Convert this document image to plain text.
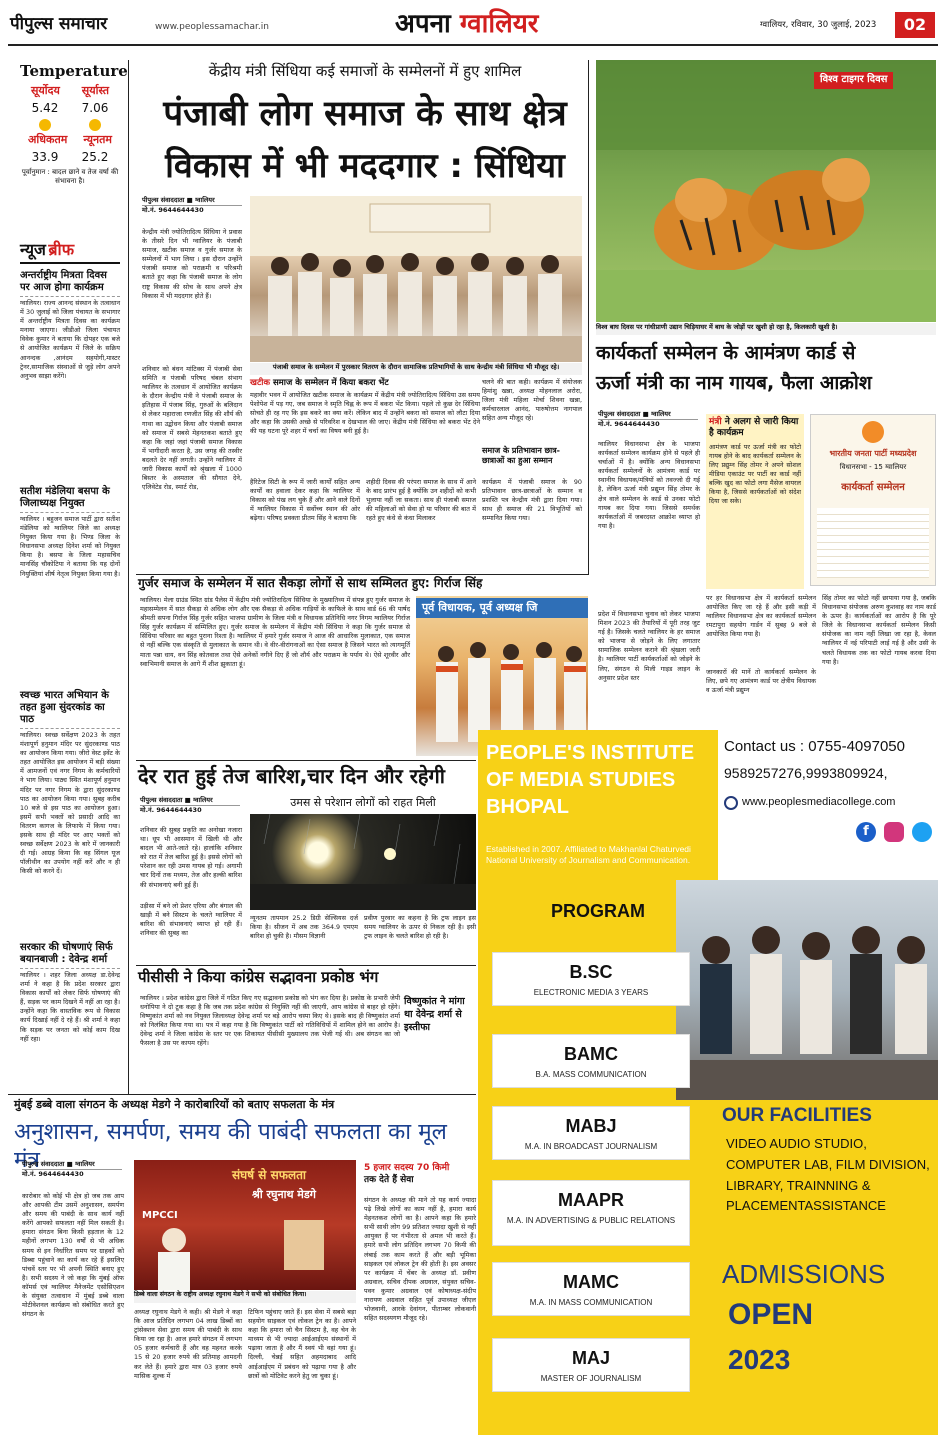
पीपुल्स समाचार	www.peoplessamachar.in	अपना ग्वालियर	ग्वालियर, रविवार, 30 जुलाई, 2023	02
Temperature
सूर्योदय सूर्यास्त
5.42 7.06
अधिकतम न्यूनतम
33.9 25.2
पूर्वानुमान : बादल छाने व तेज वर्षा की संभावना है।
न्यूज ब्रीफ
अन्तर्राष्ट्रीय मित्रता दिवस पर आज होगा कार्यक्रम
ग्वालियर। राज्य आनन्द संस्थान के तत्वाधान में 30 जुलाई को जिला पंचायत के सभागार में अन्तर्राष्ट्रीय मित्रता दिवस का कार्यक्रम मनाया जाएगा। जीडीओ जिला पंचायत विवेक कुमार ने बताया कि दोपहर एक बजे से आयोजित कार्यक्रम में जिले के सक्रिय आनन्दक ,आनंदम सहयोगी,मास्टर ट्रेनर,सामाजिक संस्थाओं से जुड़े लोग अपने अनुभव साझा करेंगे।
सतीश मंडेलिया बसपा के जिलाध्यक्ष नियुक्त
ग्वालियर । बहुजन समाज पार्टी द्वारा सतीश मंडेलिया को ग्वालियर जिले का अध्यक्ष नियुक्त किया गया है। भिण्ड जिला के विधानसभा अध्यक्ष दिनेश शर्मा को नियुक्त किया है। बसपा के जिला महासचिव मानसिंह चौकोटिया ने बताया कि यह दोनों नियुक्तियां शीर्ष नेतृत्व नियुक्त किया गया है।
स्वच्छ भारत अभियान के तहत हुआ सुंदरकांड का पाठ
ग्वालियर। स्वच्छ सर्वेक्षण 2023 के तहत मंशापूर्ण हनुमान मंदिर पर सुंदरकाण्ड पाठ का आयोजन किया गया। जीरो वेस्ट इवेंट के तहत आयोजित इस आयोजन में बड़ी संख्या में आमजनों एवं नगर निगम के कर्मचारियों ने भाग लिया। पाठ्य स्थित मंशापूर्ण हनुमान मंदिर पर नगर निगम के द्वारा सुंदरकाण्ड पाठ का आयोजन किया गया। सुबह करीब 10 बजे से इस पाठ का आयोजन हुआ। इसमें सभी भक्तों को प्रसादी आदि का वितरण कागज के लिफाफे में किया गया। इसके साथ ही मंदिर पर आए भक्तों को स्वच्छ सर्वेक्षण 2023 के बारे में जानकारी दी गई। आग्रह किया कि वह सिंगल यूज पॉलीथीन का उपयोग नहीं करें और न ही किसी को करने दें।
सरकार की घोषणाएं सिर्फ बयानबाजी : देवेन्द्र शर्मा
ग्वालियर । शहर जिला अध्यक्ष डा.देवेन्द्र शर्मा ने कहा है कि प्रदेश सरकार द्वारा विकास कार्यों को लेकर सिर्फ घोषणाएं की हैं, सड़क पर काम दिखने में नहीं आ रहा है। उन्होंने कहा कि वास्तविक रूप से विकास कार्य दिखाई नहीं दे रहे हैं। श्री शर्मा ने कहा कि सड़क पर जनता को कोई काम दिख नहीं रहा।
केंद्रीय मंत्री सिंधिया कई समाजों के सम्मेलनों में हुए शामिल
पंजाबी लोग समाज के साथ क्षेत्र
विकास में भी मददगार : सिंधिया
पीपुल्स संवाददाता ■ ग्वालियर
मो.नं. 9644644430
केन्द्रीय मंत्री ज्योतिरादित्य सिंधिया ने प्रवास के तीसरे दिन भी ग्वालियर के पंजाबी समाज, खटीक समाज व गुर्जर समाज के सम्मेलनों में भाग लिया । इस दौरान उन्होंने पंजाबी समाज को पराक्रमी व परिश्रमी बताते हुए कहा कि पंजाबी समाज के लोग राष्ट्र विकास की सोच के साथ अपने क्षेत्र विकास में भी मददगार होते हैं।
पंजाबी समाज के सम्मेलन में पुरस्कार वितरण के दौरान सामाजिक प्रतिभागियों के साथ केन्द्रीय मंत्री सिंधिया भी मौजूद रहे।
शनिवार को बंधन मांटिक्स में पंजाबी सेवा समिति व पंजाबी परिषद चंबल संभाग ग्वालियर के तत्वधान में आयोजित कार्यक्रम के दौरान केन्द्रीय मंत्री ने पंजाबी समाज के इतिहास में पंजाब सिंह, गुरुओं के बलिदान से लेकर महाराजा रणजीत सिंह की शौर्य की गाथा का उद्बोधन किया और पंजाबी समाज को समाज में सबसे मेहनतकश बताते हुए कहा कि जहां जहां पंजाबी समाज विकास में भागीदारी करता है, उस जगह की तस्वीर बदलते देर नहीं लगती। उन्होंने ग्वालियर में जारी विकास कार्यों को श्रृंखला में 1000 बिस्तर के अस्पताल की सौगात देने, एलिवेटेड रोड, स्मार्ट रोड,
खटीक समाज के सम्मेलन में किया बकरा भेंट
महावीर भवन में आयोजित खटीक समाज के कार्यक्रम में केंद्रीय मंत्री ज्योतिरादित्य सिंधिया उस समय पेशोपेश में पड़ गए, जब समाज ने स्मृति चिह्न के रूप में बकरा भेंट किया। पहले तो कुछ देर सिंधिया सोचते ही रह गए कि इस बकरे का क्या करें। लेकिन बाद में उन्होंने बकरा को समाज को लौटा दिया और कहा कि उसकी अच्छे से परिवरिश व देखभाल की जाए। केंद्रीय मंत्री सिंधिया को बकरा भेंट देने की यह घटना पूरे शहर में चर्चा का विषय बनी हुई है।
हैरिटेज सिटी के रूप में जारी कार्यों सहित अन्य कार्यों का हवाला देकर कहा कि ग्वालियर में विकास को पंख लग चुके हैं और आने वाले दिनों में ग्वालियर विकास में सर्वोच्च स्थान की ओर बढ़ेगा। परिषद प्रवक्ता प्रीतम सिंह ने बताया कि
शहीदी दिवस की परंपरा समाज के साथ में आने के बाद प्रारंभ हुई है क्योंकि उन शहीदों को कभी भुलाया नहीं जा सकता। साथ ही पंजाबी समाज की महिलाओं को सेवा हो या परिवार की बात में रहते हुए कंधे से कंधा मिलाकर
चलने की बात कही। कार्यक्रम में संयोजक हिमांशु खन्ना, अध्यक्ष मोहनलाल अरोरा, जिला मंत्री महिला मोर्चा शिवना खन्ना, कर्मचारलाल आनंद, पारुषोत्तम नागपाल सहित अन्य मौजूद रहे।
समाज के प्रतिभावान छात्र-छात्राओं का हुआ सम्मान
कार्यक्रम में पंजाबी समाज के 90 प्रतिभावान छात्र-छात्राओं के सम्मान व प्रशस्ति पत्र केन्द्रीय मंत्री द्वारा दिया गया। साथ ही समाज की 21 विभूतियों को सम्मानित किया गया।
विश्व टाइगर दिवस
विश्व बाघ दिवस पर गांधीप्राणी उद्यान चिड़ियाघर में बाघ के जोड़ों पर खुशी हो रहा है, किलकारी खुशी है।
कार्यकर्ता सम्मेलन के आमंत्रण कार्ड से
ऊर्जा मंत्री का नाम गायब, फैला आक्रोश
पीपुल्स संवाददाता ■ ग्वालियर
मो.नं. 9644644430
ग्वालियर विधानसभा क्षेत्र के भाजपा कार्यकर्ता सम्मेलन कार्यक्रम होने से पहले ही चर्चाओं में है। क्योंकि अन्य विधानसभा कार्यकर्ता सम्मेलनों के आमंत्रण कार्ड पर स्थानीय विधायक/मंत्रियों को तवज्जो दी गई है, लेकिन ऊर्जा मंत्री प्रद्युम्न सिंह तोमर के क्षेत्र वाले सम्मेलन के कार्ड से उनका फोटो गायब कर दिया गया। जिससे समर्थक कार्यकर्ताओं में जबरदस्त आक्रोश व्याप्त हो गया है।
प्रदेश में विधानसभा चुनाव को लेकर भाजपा मिशन 2023 की तैयारियों में पूरी तरह जुट गई है। जिसके चलते ग्वालियर के हर समाज को भाजपा से जोड़ने के लिए लगातार सामाजिक सम्मेलन कराने की श्रृंखला जारी है। ग्वालियर पार्टी कार्यकर्ताओं को जोड़ने के लिए, संगठन से मिली गाइड लाइन के अनुसार प्रदेश स्तर
मंत्री ने अलग से जारी किया है कार्यक्रम
आमंत्रण कार्ड पर ऊर्जा मंत्री का फोटो गायब होने के बाद कार्यकर्ता सम्मेलन के लिए प्रद्युम्न सिंह तोमर ने अपने सोशल मीडिया एकाउंट पर पार्टी का कार्ड नहीं बल्कि खुद का फोटो लगा मैसेज वायरल किया है, जिससे कार्यकर्ताओं को संदेश दिया जा सके।
भारतीय जनता पार्टी मध्यप्रदेश
विधानसभा - 15 ग्वालियर
कार्यकर्ता सम्मेलन
पर हर विधानसभा क्षेत्र में कार्यकर्ता सम्मेलन आयोजित किए जा रहे हैं और इसी कड़ी में ग्वालियर विधानसभा क्षेत्र का कार्यकर्ता सम्मेलन रमटापुरा सहयोग गार्डन में सुबह 9 बजे से आयोजित किया गया है।
जानकारों की मानें तो कार्यकर्ता सम्मेलन के लिए, छपे गए आमंत्रण कार्ड पर क्षेत्रीय विधायक व ऊर्जा मंत्री प्रद्युम्न
सिंह तोमर का फोटो नहीं छापाया गया है, जबकि विधानसभा संयोजक अरुण कुशवाह का नाम कार्ड के ऊपर है। कार्यकर्ताओं का आरोप है कि पूरे जिले के विधानसभा कार्यकर्ता सम्मेलन किसी संयोजक का नाम नहीं लिखा जा रहा है, केवल ग्वालियर में नई परिपाटी लाई गई है और उसी के चलते विधायक तक का फोटो गायब करवा दिया गया है।
गुर्जर समाज के सम्मेलन में सात सैकड़ा लोगों से साथ सम्मिलत हुए: गिर्राज सिंह
ग्वालियर। मेला ग्राउंड स्थित ग्रांड पैलेस में केंद्रीय मंत्री ज्योतिरादित्य सिंधिया के मुख्यातिथ्य में संपन्न हुए गुर्जर समाज के महासम्मेलन में सात सैकड़ा से अधिक लोग और एक सैकड़ा से अधिक गाड़ियों के काफिले के साथ वार्ड 66 की पार्षद श्रीमती सपना गिर्राज सिंह गुर्जर सहित भाजपा ग्रामीण के जिला मंत्री व विधायक प्रतिनिधि नगर निगम ग्वालियर गिर्राज सिंह गुर्जर कार्यक्रम में सम्मिलित हुए। गुर्जर समाज के सम्मेलन में केंद्रीय मंत्री सिंधिया ने कहा कि गुर्जर समाज से सिंधिया परिवार का बहुत पुराना रिश्ता है। ग्वालियर में हमारे गुर्जर समाज ने आज की आधारिक मुलाकात, एक समाज से नहीं बल्कि एक संस्कृति से मुलाकात के समान थी। वे वीर-वीरांगनाओं का ऐसा समाज है जिसने भारत को त्यागमूर्ति माता पन्ना धाय, वन सिंह कोतवाल तथा ऐसे अनेकों नगीने दिए हैं जो शौर्य और पराक्रम के पर्याय थे। ऐसे शूरवीर और स्वाभिमानी समाज के आगे मैं शीश झुकाता हूं।
पूर्व विधायक, पूर्व अध्यक्ष जि
देर रात हुई तेज बारिश,चार दिन और रहेगी
पीपुल्स संवाददाता ■ ग्वालियर
मो.नं. 9644644430
उमस से परेशान लोगों को राहत मिली
शनिवार की सुबह प्रकृति का अनोखा नजारा था। धूप भी आसमान में खिली थी और बादल भी आते-जाते रहे। हालांकि शनिवार को रात में तेज बारिश हुई है। इससे लोगों को परेशान कर रही उमस गायब हो गई। अगामी चार दिनों तक मध्यम, तेज और हल्की बारिश की संभावनाएं बनी हुई हैं।
उड़ीसा में बने लो प्रेशर एरिया और बंगाल की खाड़ी में बने सिस्टम के चलते ग्वालियर में बारिश की संभावनाएं व्याप्त हो रही हैं। शनिवार की सुबह का
न्यूनतम तापमान 25.2 डिग्री सेल्सियस दर्ज किया है। सीजन में अब तक 364.9 एमएम बारिश हो चुकी है। मौसम विज्ञानी
प्रवीण पुरवार का कहना है कि ट्रफ लाइन इस समय ग्वालियर के ऊपर से निकल रही है। इसी ट्रफ लाइन के चलते बारिश हो रही है।
पीसीसी ने किया कांग्रेस सद्भावना प्रकोष्ठ भंग
ग्वालियर । प्रदेश कांग्रेस द्वारा जिले में गठित किए गए सद्भावना प्रकोष्ठ को भंग कर दिया है। प्रकोष्ठ के प्रभारी जेपी धनोपिया ने दो टूक कहा है कि जब तक प्रदेश कांग्रेस से नियुक्ति नहीं की जाएगी, आप कांग्रेस से बाहर हो रहेंगे। विष्णुकांत शर्मा को नव नियुक्त जिलाध्यक्ष देवेन्द्र शर्मा पर बड़े आरोप चस्पा किए थे। इसके बाद ही विष्णुकांत शर्मा को निलंबित किया गया था। पत्र में कहा गया है कि विष्णुकांत पार्टी को गतिविधियों में शामिल होने का आरोप है। देवेन्द्र शर्मा ने जिला कांग्रेस के स्तर पर एक शिकायत पीसीसी मुख्यालय तक भेजी गई थी। अब संगठन का जो फैसला है उस पर कायम रहेंगे।
विष्णुकांत ने मांगा था देवेन्द्र शर्मा से इस्तीफा
मुंबई डब्बे वाला संगठन के अध्यक्ष मेडगे ने कारोबारियों को बताए सफलता के मंत्र
अनुशासन, समर्पण, समय की पाबंदी सफलता का मूल मंत्र
पीपुल्स संवाददाता ■ ग्वालियर
मो.नं. 9644644430
कारोबार को कोई भी क्षेत्र हो जब तक आप और आपकी टीम उसमें अनुशासन, समर्पण और समय की पाबंदी के साथ कार्य नहीं करेंगे आपको सफलता नहीं मिल सकती है। हमारा संगठन बिना किसी हड़ताल के 12 महीनों लगभग 130 वर्षों से भी अधिक समय से इन निर्धारित समय पर ग्राहकों को डिब्बा पहुंचाने का कार्य कर रहे हैं इसलिए पांचवें स्तर पर भी अपनी स्थिति बनाए हुए है। सभी सदस्य ने जो कहा कि मुंबई ऑफ कॉमर्स एवं ग्वालियर मैनेजमेंट एसोसिएशन के संयुक्त तत्वाधान में मुंबई डब्बे वाला मोटीवेशनल कार्यक्रम को संबोधित करते हुए संगठन के
संघर्ष से सफलता
श्री रघुनाथ मेडगे
MPCCI
डिब्बे वाला संगठन के राष्ट्रीय अध्यक्ष रघुनाथ मेडगे ने सभी को संबोधित किया।
अध्यक्ष रघुनाथ मेडगे ने कही। श्री मेडगे ने कहा कि आज प्रतिदिन लगभग 04 लाख डिब्बों का ट्रांसेक्शन सेवा द्वारा समय की पाबंदी के साथ किया जा रहा है। आज हमारे संगठन में लगभग 05 हजार कर्मचारी हैं और वह महनत करके 15 से 20 हजार रुपये की प्रतिमाह आमदनी कर लेते हैं। हमारे द्वारा मात्र 03 हजार रुपये मासिक शुल्क में
टिफिन पहुंचाए जाते हैं। इस सेवा में सबसे बड़ा सहयोग साइकल एवं लोकल ट्रेन का है। आपने कहा कि हमारा जो चैन सिस्टम है, वह चेन के माध्यम से भी ज्यादा आईआईएम संस्थानों में पढ़ाया जाता है और मैं स्वयं भी वहां गया हूं। दिल्ली, चेन्नई सहित अहमदाबाद आदि आईआईएम में प्रबंधन को पढ़ाया गया है और छात्रों को मोटिवेट करने हेतु जा चुका हूं।
5 हजार सदस्य 70 किमी
तक देते हैं सेवा
संगठन के अध्यक्ष की माने तो यह कार्य ज्यादा पढ़े लिखे लोगों का काम नहीं है, हमारा कार्य मेहनतकश लोगों का है। आपने कहा कि हमारे सभी साथी लोग 99 प्रतिशत ज्यादा खुशी से नहीं आयुक्त हैं पर गंभीरता से अमल भी करते हैं। हमारे सभी लोग प्रतिदिन लगभग 70 किमी की लंबाई तक काम करते हैं और बड़ी भूमिका साइकल एवं लोकल ट्रेन की होती है। इस अवसर पर कार्यक्रम में चेंबर के अध्यक्ष डॉ. प्रवीण अग्रवाल, सचिव दीपक अग्रवाल, संयुक्त सचिव-पवन कुमार अग्रवाल एवं कोषाध्यक्ष-संदीप नारायण अग्रवाल सहित पूर्व उपाध्यक्ष जीएल भोजवानी, आरके देवांगन, पीताम्बर लोकवानी सहित सदस्यगण मौजूद रहे।
PEOPLE'S INSTITUTE
OF MEDIA STUDIES
BHOPAL
Established in 2007. Affiliated to Makhanlal Chaturvedi National University of Journalism and Communication.
Contact us : 0755-4097050
9589257276,9993809924,
www.peoplesmediacollege.com
f
PROGRAM
OUR FACILITIES
VIDEO AUDIO STUDIO, COMPUTER LAB, FILM DIVISION, LIBRARY, TRAINNING & PLACEMENTASSISTANCE
ADMISSIONS
OPEN
2023
B.SC
ELECTRONIC MEDIA 3 YEARS
BAMC
B.A. MASS COMMUNICATION
MABJ
M.A. IN BROADCAST JOURNALISM
MAAPR
M.A. IN ADVERTISING & PUBLIC RELATIONS
MAMC
M.A. IN MASS COMMUNICATION
MAJ
MASTER OF JOURNALISM
